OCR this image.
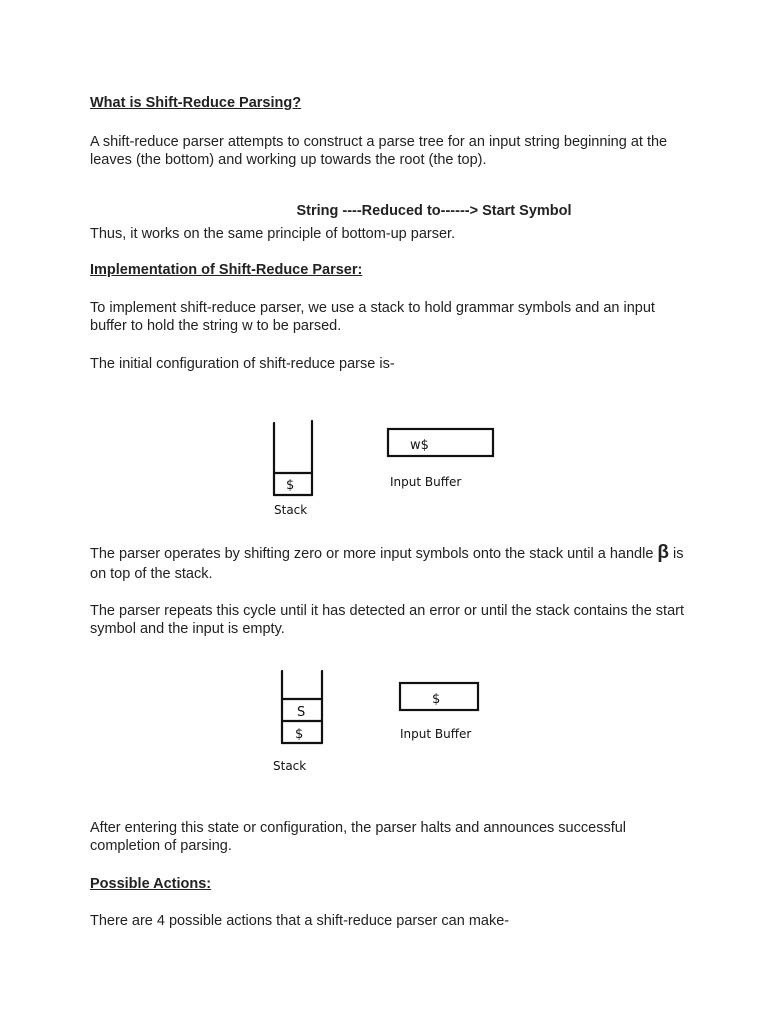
What is Shift-Reduce Parsing?

A shift-reduce parser attempts to construct a parse tree for an input string beginning at the leaves (the bottom) and working up towards the root (the top).

String ----Reduced to------> Start Symbol

Thus, it works on the same principle of bottom-up parser.

Implementation of Shift-Reduce Parser:

To implement shift-reduce parser, we use a stack to hold grammar symbols and an input buffer to hold the string w to be parsed.

The initial configuration of shift-reduce parse is-

$
Stack
w$
Input Buffer

The parser operates by shifting zero or more input symbols onto the stack until a handle β is on top of the stack.

The parser repeats this cycle until it has detected an error or until the stack contains the start symbol and the input is empty.

S
$
Stack
$
Input Buffer

After entering this state or configuration, the parser halts and announces successful completion of parsing.

Possible Actions:

There are 4 possible actions that a shift-reduce parser can make-
